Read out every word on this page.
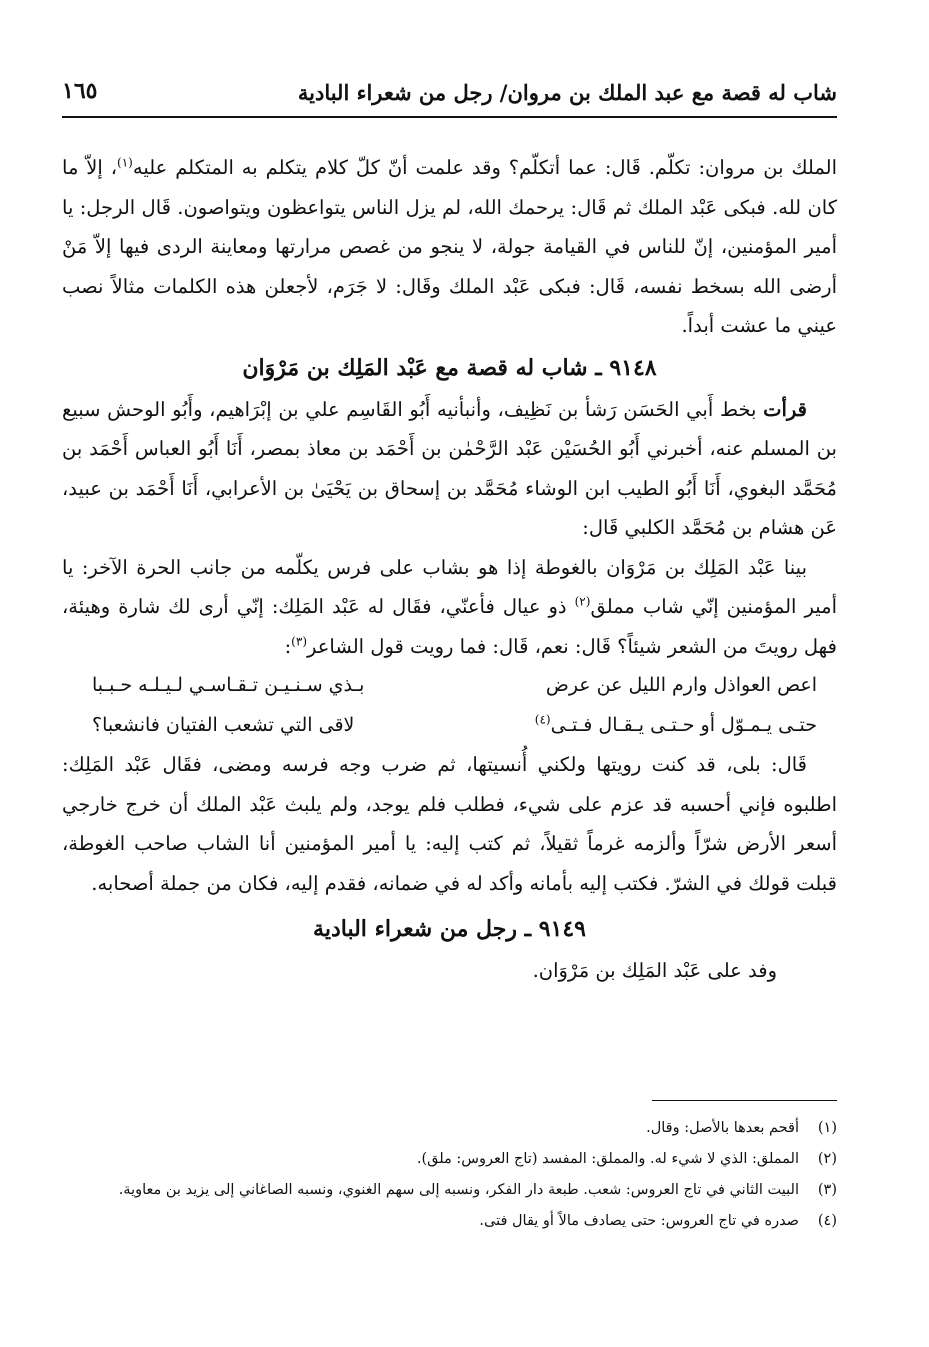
شاب له قصة مع عبد الملك بن مروان/ رجل من شعراء البادية
١٦٥

الملك بن مروان: تكلّم. قَال: عما أتكلّم؟ وقد علمت أنّ كلّ كلام يتكلم به المتكلم عليه$^{(١)}$، إلاّ ما كان لله. فبكى عَبْد الملك ثم قَال: يرحمك الله، لم يزل الناس يتواعظون ويتواصون. قَال الرجل: يا أمير المؤمنين، إنّ للناس في القيامة جولة، لا ينجو من غصص مرارتها ومعاينة الردى فيها إلاّ مَنْ أرضى الله بسخط نفسه، قَال: فبكى عَبْد الملك وقَال: لا جَرَم، لأجعلن هذه الكلمات مثالاً نصب عيني ما عشت أبداً.

٩١٤٨ ـ شاب له قصة مع عَبْد المَلِك بن مَرْوَان

قرأت بخط أَبي الحَسَن رَشأ بن نَظِيف، وأنبأنيه أَبُو القَاسِم علي بن إبْرَاهيم، وأَبُو الوحش سبيع بن المسلم عنه، أخبرني أَبُو الحُسَيْن عَبْد الرَّحْمٰن بن أَحْمَد بن معاذ بمصر، أَنَا أَبُو العباس أَحْمَد بن مُحَمَّد البغوي، أَنَا أَبُو الطيب ابن الوشاء مُحَمَّد بن إسحاق بن يَحْيَىٰ بن الأعرابي، أَنَا أَحْمَد بن عبيد، عَن هشام بن مُحَمَّد الكلبي قَال:

بينا عَبْد المَلِك بن مَرْوَان بالغوطة إذا هو بشاب على فرس يكلّمه من جانب الحرة الآخر: يا أمير المؤمنين إنّي شاب مملق$^{(٢)}$ ذو عيال فأعنّي، فقَال له عَبْد المَلِك: إنّي أرى لك شارة وهيئة، فهل رويتَ من الشعر شيئاً؟ قَال: نعم، قَال: فما رويت قول الشاعر$^{(٣)}$:

اعص العواذل وارم الليل عن عرض
بـذي سـنـيـن تـقـاسـي لـيـلـه حـبـبا
حتـى يـمـوّل أو حـتـى يـقـال فـتـى$^{(٤)}$
لاقى التي تشعب الفتيان فانشعبا؟

قَال: بلى، قد كنت رويتها ولكني أُنسيتها، ثم ضرب وجه فرسه ومضى، فقَال عَبْد المَلِك: اطلبوه فإني أحسبه قد عزم على شيء، فطلب فلم يوجد، ولم يلبث عَبْد الملك أن خرج خارجي أسعر الأرض شرّاً وألزمه غرماً ثقيلاً، ثم كتب إليه: يا أمير المؤمنين أنا الشاب صاحب الغوطة، قبلت قولك في الشرّ. فكتب إليه بأمانه وأكد له في ضمانه، فقدم إليه، فكان من جملة أصحابه.

٩١٤٩ ـ رجل من شعراء البادية

وفد على عَبْد المَلِك بن مَرْوَان.

(١)
أقحم بعدها بالأصل: وقال.

(٢)
المملق: الذي لا شيء له. والمملق: المفسد (تاج العروس: ملق).

(٣)
البيت الثاني في تاج العروس: شعب. طبعة دار الفكر، ونسبه إلى سهم الغنوي، ونسبه الصاغاني إلى يزيد بن معاوية.

(٤)
صدره في تاج العروس: حتى يصادف مالاً أو يقال فتى.
